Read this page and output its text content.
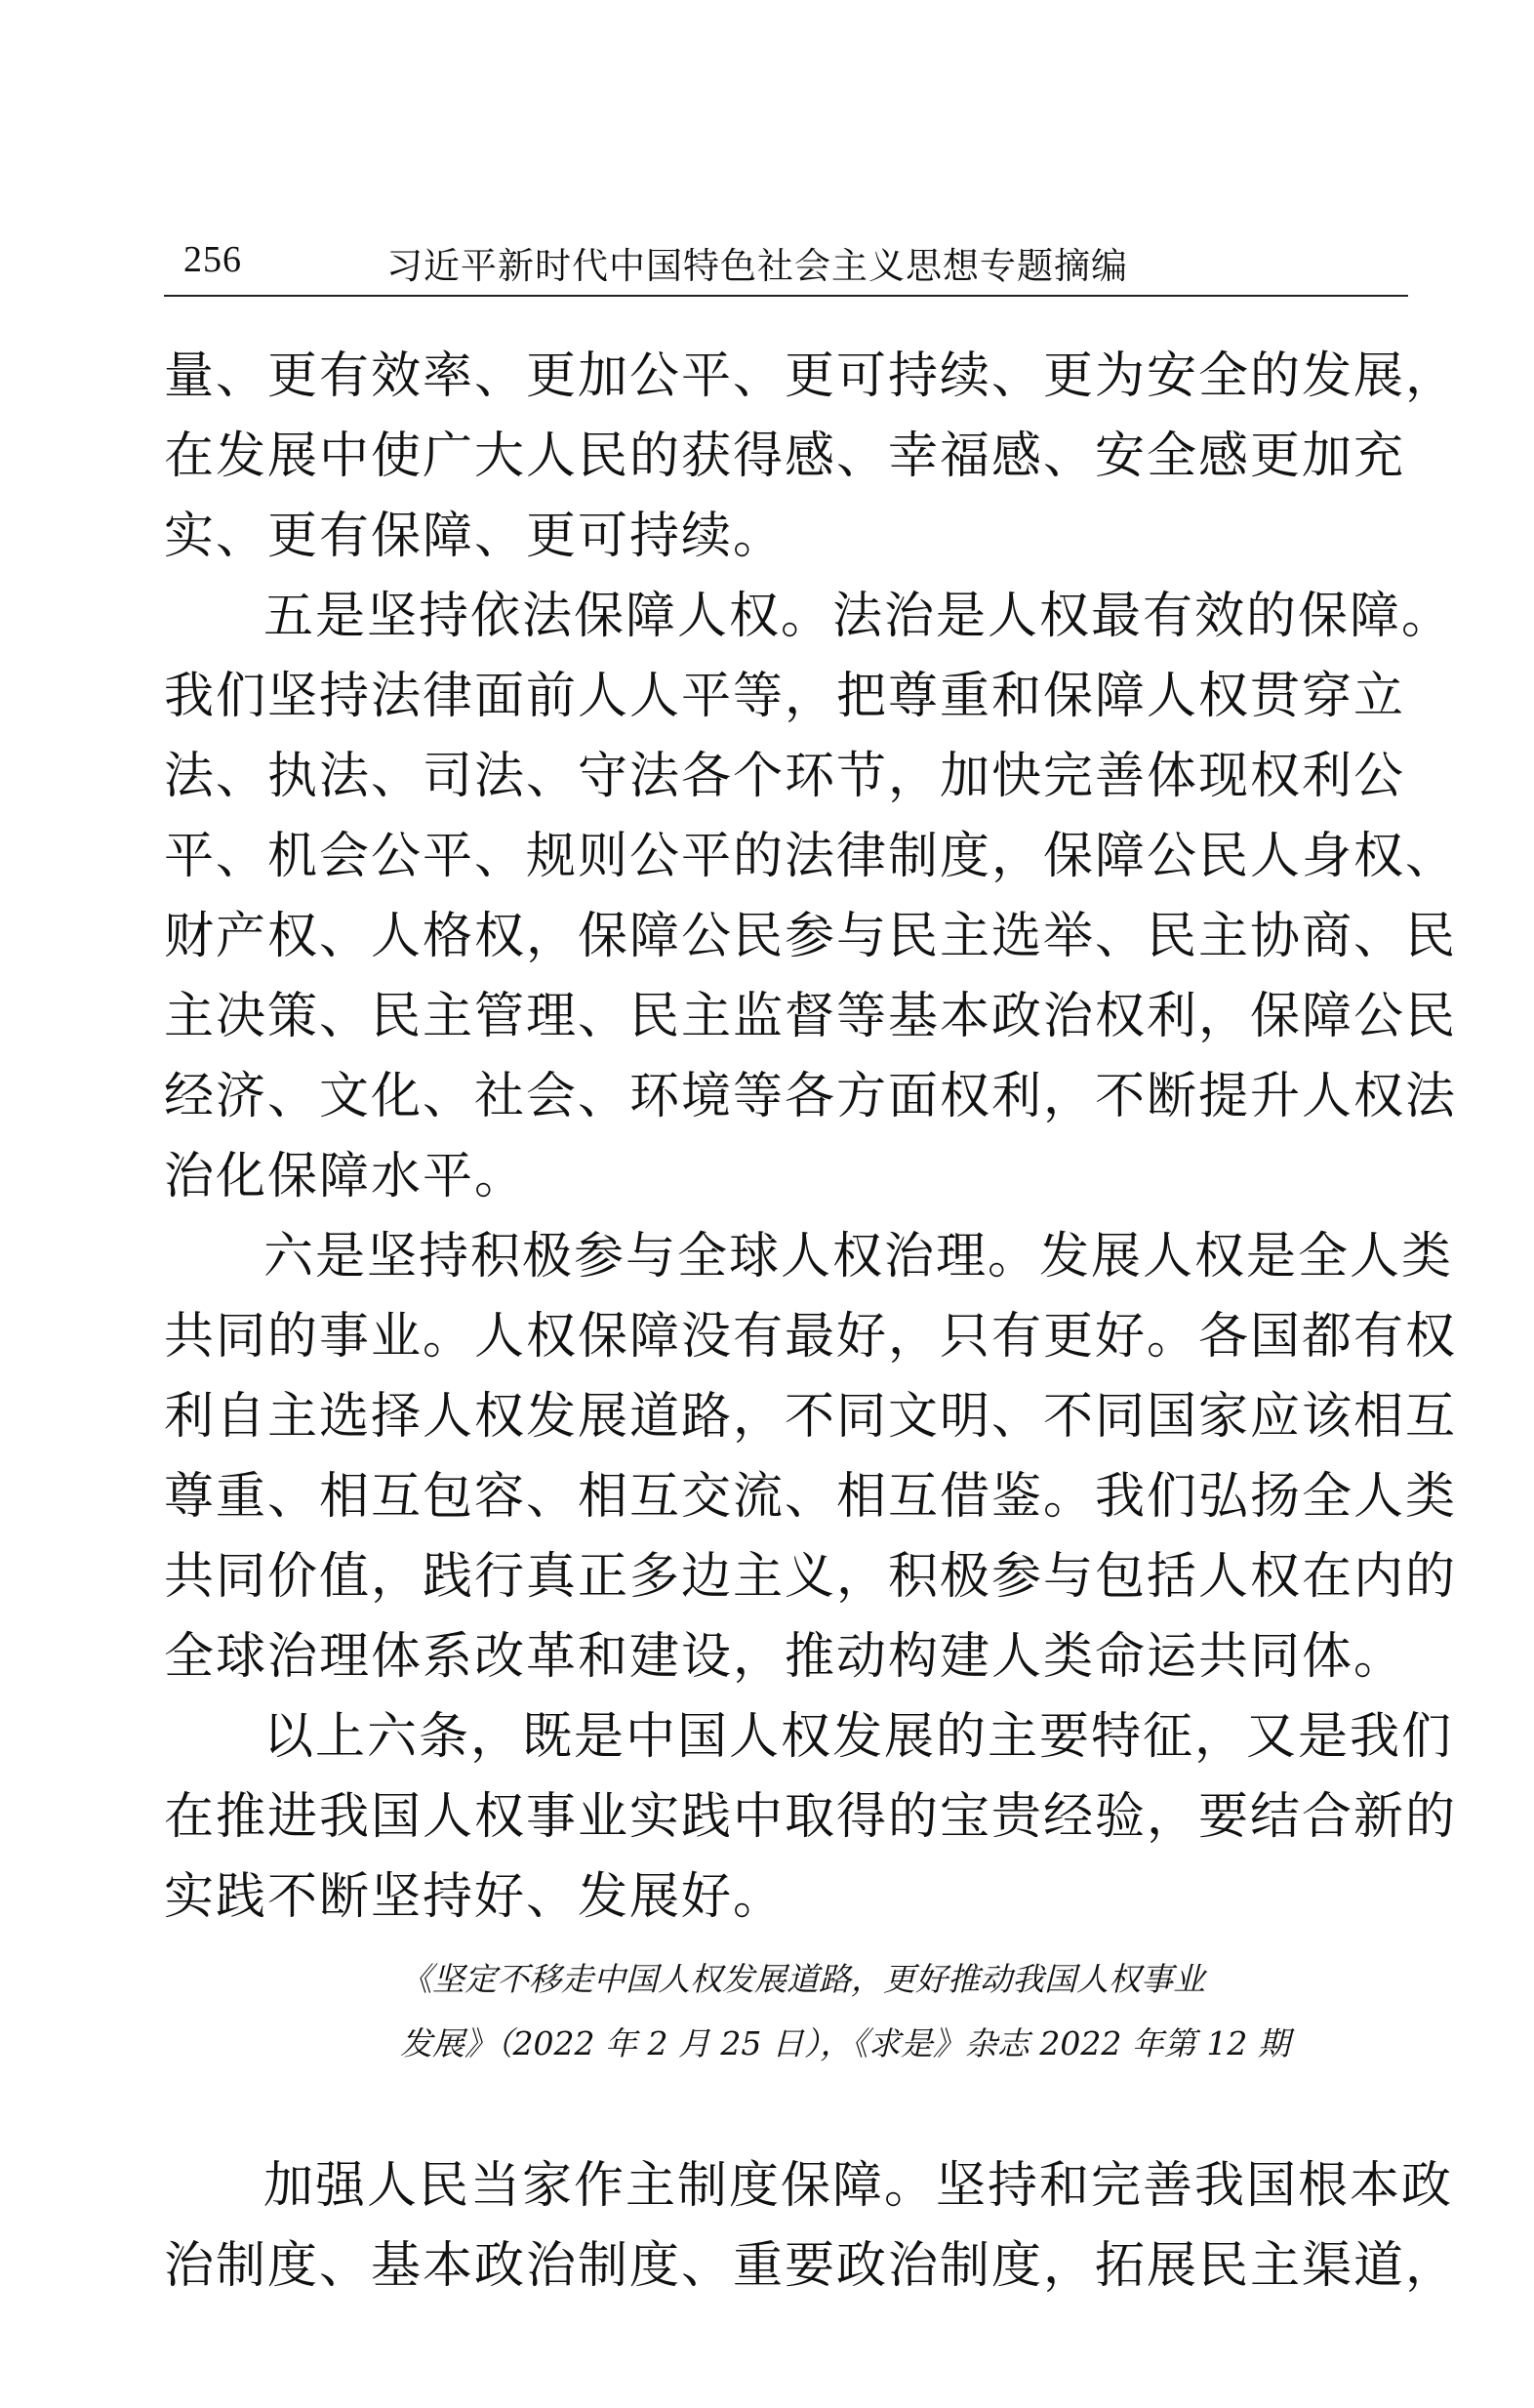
256	习近平新时代中国特色社会主义思想专题摘编

量、更有效率、更加公平、更可持续、更为安全的发展，
在发展中使广大人民的获得感、幸福感、安全感更加充
实、更有保障、更可持续。

五是坚持依法保障人权。法治是人权最有效的保障。
我们坚持法律面前人人平等，把尊重和保障人权贯穿立
法、执法、司法、守法各个环节，加快完善体现权利公
平、机会公平、规则公平的法律制度，保障公民人身权、
财产权、人格权，保障公民参与民主选举、民主协商、民
主决策、民主管理、民主监督等基本政治权利，保障公民
经济、文化、社会、环境等各方面权利，不断提升人权法
治化保障水平。

六是坚持积极参与全球人权治理。发展人权是全人类
共同的事业。人权保障没有最好，只有更好。各国都有权
利自主选择人权发展道路，不同文明、不同国家应该相互
尊重、相互包容、相互交流、相互借鉴。我们弘扬全人类
共同价值，践行真正多边主义，积极参与包括人权在内的
全球治理体系改革和建设，推动构建人类命运共同体。

以上六条，既是中国人权发展的主要特征，又是我们
在推进我国人权事业实践中取得的宝贵经验，要结合新的
实践不断坚持好、发展好。

《坚定不移走中国人权发展道路，更好推动我国人权事业
发展》（2022 年 2 月 25 日），《求是》杂志 2022 年第 12 期

加强人民当家作主制度保障。坚持和完善我国根本政
治制度、基本政治制度、重要政治制度，拓展民主渠道，
